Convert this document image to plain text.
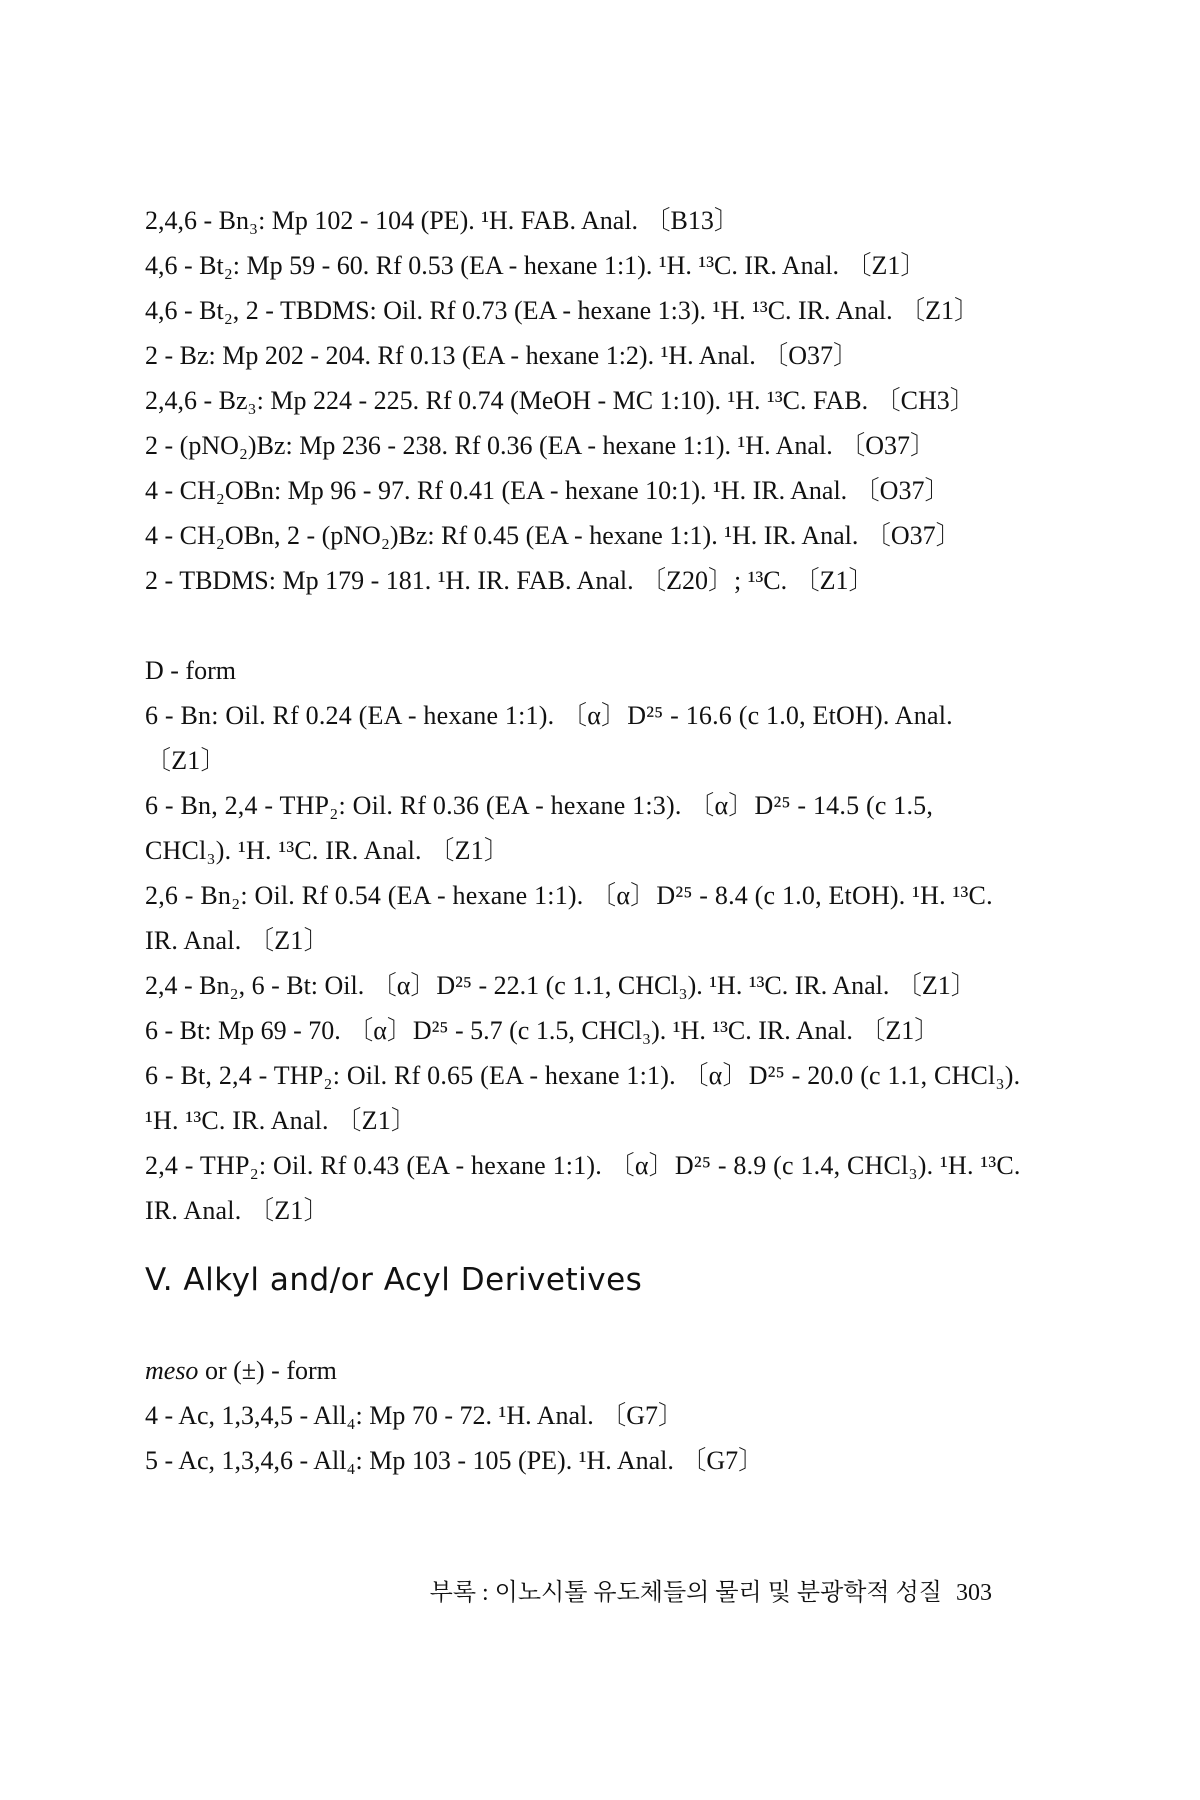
2,4,6 - Bn₃: Mp 102 - 104 (PE). ¹H. FAB. Anal. 〔B13〕

4,6 - Bt₂: Mp 59 - 60. Rf 0.53 (EA - hexane 1:1). ¹H. ¹³C. IR. Anal. 〔Z1〕

4,6 - Bt₂, 2 - TBDMS: Oil. Rf 0.73 (EA - hexane 1:3). ¹H. ¹³C. IR. Anal. 〔Z1〕

2 - Bz: Mp 202 - 204. Rf 0.13 (EA - hexane 1:2). ¹H. Anal. 〔O37〕

2,4,6 - Bz₃: Mp 224 - 225. Rf 0.74 (MeOH - MC 1:10). ¹H. ¹³C. FAB. 〔CH3〕

2 - (pNO₂)Bz: Mp 236 - 238. Rf 0.36 (EA - hexane 1:1). ¹H. Anal. 〔O37〕

4 - CH₂OBn: Mp 96 - 97. Rf 0.41 (EA - hexane 10:1). ¹H. IR. Anal. 〔O37〕

4 - CH₂OBn, 2 - (pNO₂)Bz: Rf 0.45 (EA - hexane 1:1). ¹H. IR. Anal. 〔O37〕

2 - TBDMS: Mp 179 - 181. ¹H. IR. FAB. Anal. 〔Z20〕; ¹³C. 〔Z1〕

D - form

6 - Bn: Oil. Rf 0.24 (EA - hexane 1:1). 〔α〕D²⁵ - 16.6 (c 1.0, EtOH). Anal. 〔Z1〕

6 - Bn, 2,4 - THP₂: Oil. Rf 0.36 (EA - hexane 1:3). 〔α〕D²⁵ - 14.5 (c 1.5, CHCl₃). ¹H. ¹³C. IR. Anal. 〔Z1〕

2,6 - Bn₂: Oil. Rf 0.54 (EA - hexane 1:1). 〔α〕D²⁵ - 8.4 (c 1.0, EtOH). ¹H. ¹³C. IR. Anal. 〔Z1〕

2,4 - Bn₂, 6 - Bt: Oil. 〔α〕D²⁵ - 22.1 (c 1.1, CHCl₃). ¹H. ¹³C. IR. Anal. 〔Z1〕

6 - Bt: Mp 69 - 70. 〔α〕D²⁵ - 5.7 (c 1.5, CHCl₃). ¹H. ¹³C. IR. Anal. 〔Z1〕

6 - Bt, 2,4 - THP₂: Oil. Rf 0.65 (EA - hexane 1:1). 〔α〕D²⁵ - 20.0 (c 1.1, CHCl₃). ¹H. ¹³C. IR. Anal. 〔Z1〕

2,4 - THP₂: Oil. Rf 0.43 (EA - hexane 1:1). 〔α〕D²⁵ - 8.9 (c 1.4, CHCl₃). ¹H. ¹³C. IR. Anal. 〔Z1〕

V. Alkyl and/or Acyl Derivetives

meso or (±) - form

4 - Ac, 1,3,4,5 - All₄: Mp 70 - 72. ¹H. Anal. 〔G7〕

5 - Ac, 1,3,4,6 - All₄: Mp 103 - 105 (PE). ¹H. Anal. 〔G7〕

부록 : 이노시톨 유도체들의 물리 및 분광학적 성질 303
